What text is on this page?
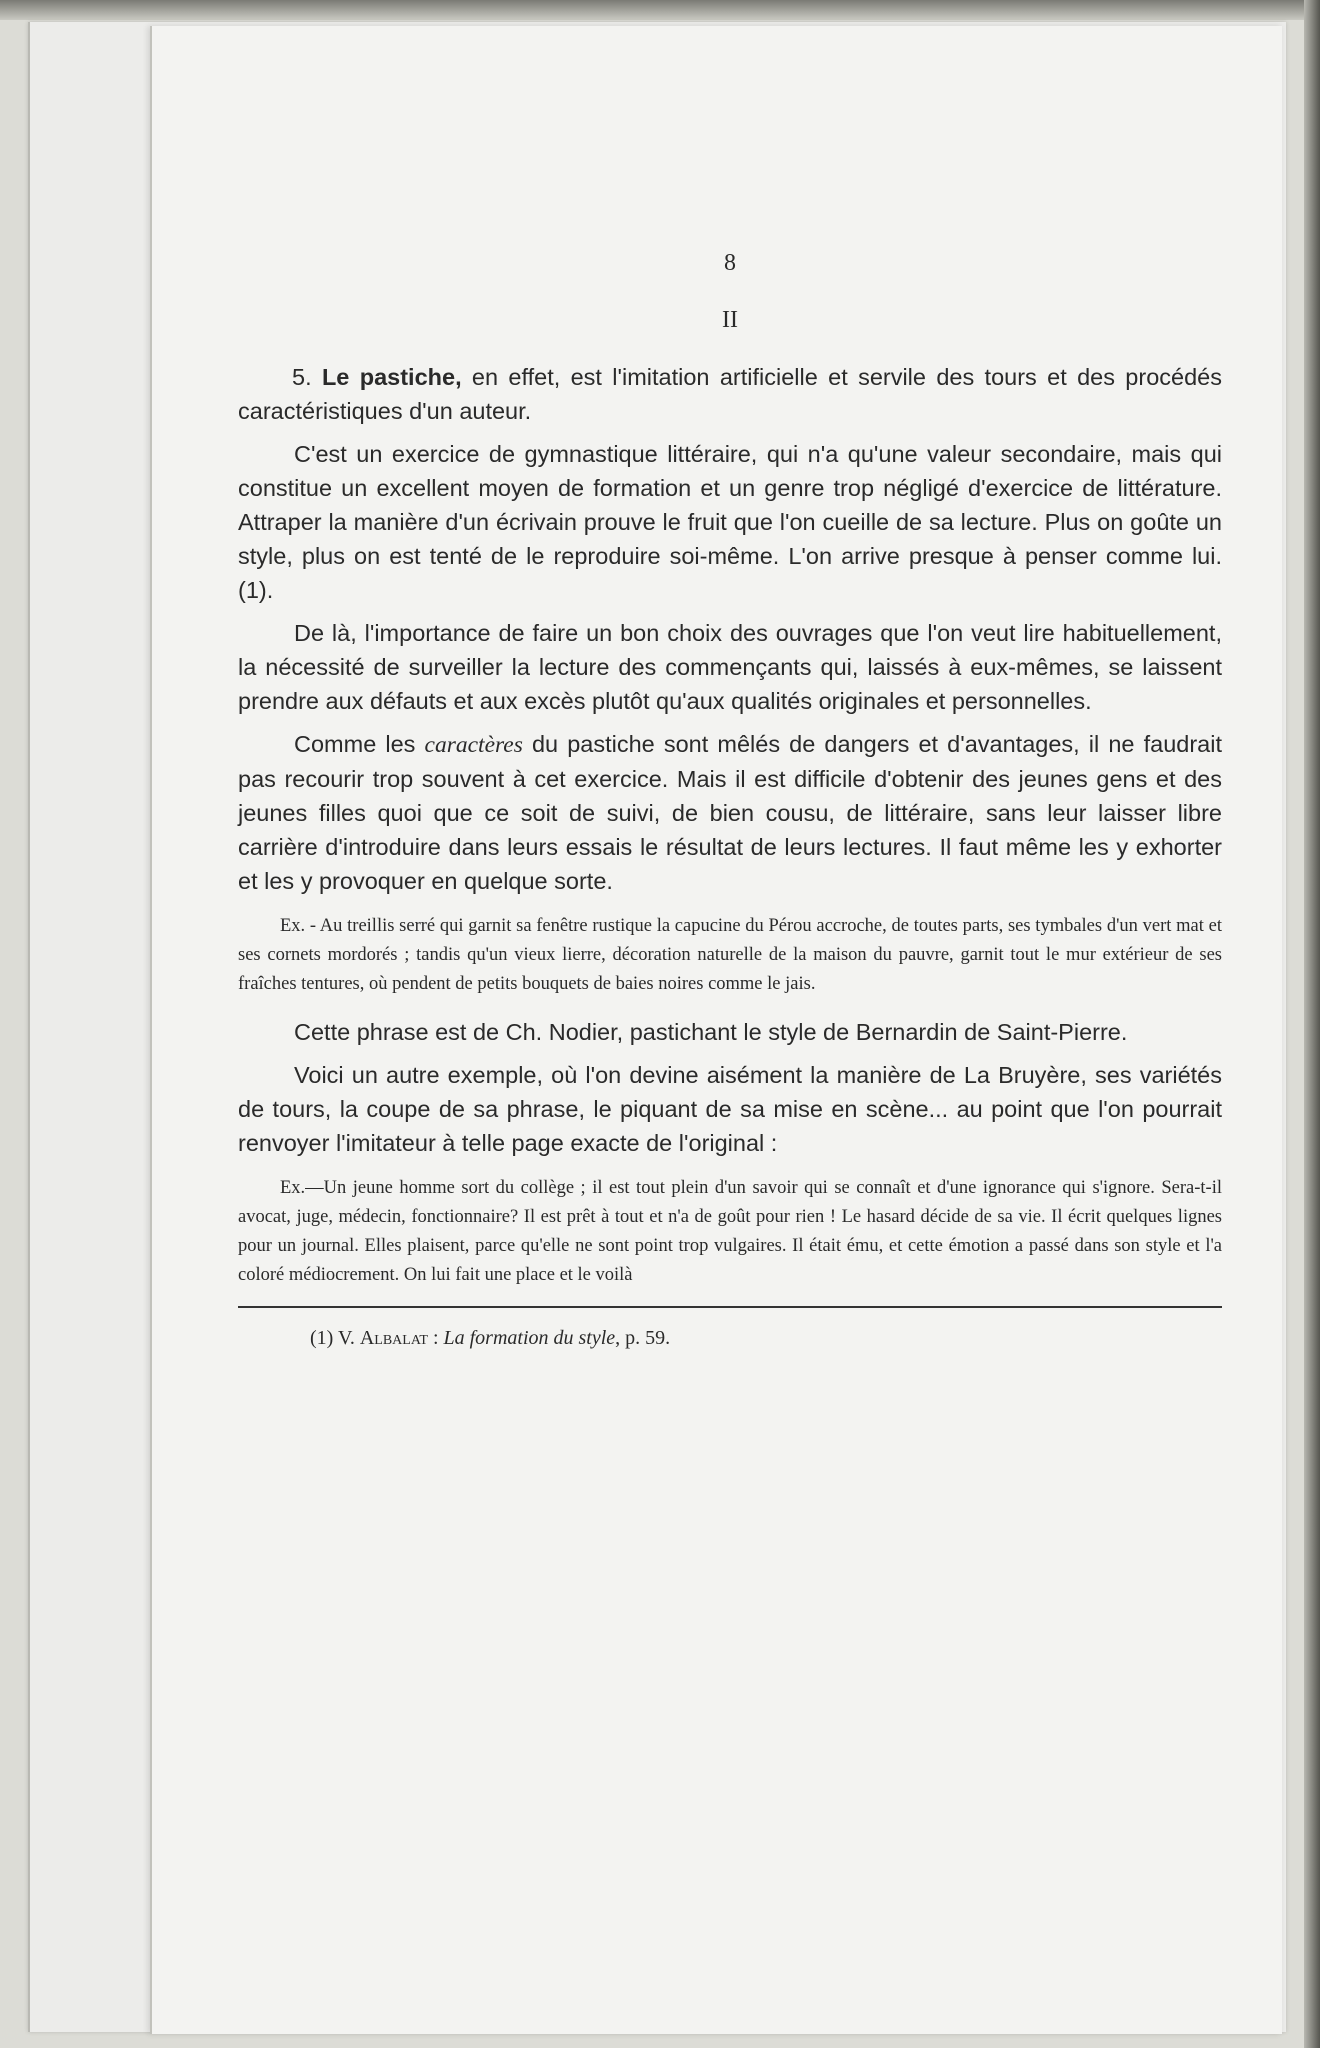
8
II

5. Le pastiche, en effet, est l'imitation artificielle et servile des tours et des procédés caractéristiques d'un auteur.

C'est un exercice de gymnastique littéraire, qui n'a qu'une valeur secondaire, mais qui constitue un excellent moyen de formation et un genre trop négligé d'exercice de littérature. Attraper la manière d'un écrivain prouve le fruit que l'on cueille de sa lecture. Plus on goûte un style, plus on est tenté de le reproduire soi-même. L'on arrive presque à penser comme lui. (1).

De là, l'importance de faire un bon choix des ouvrages que l'on veut lire habituellement, la nécessité de surveiller la lecture des commençants qui, laissés à eux-mêmes, se laissent prendre aux défauts et aux excès plutôt qu'aux qualités originales et personnelles.

Comme les caractères du pastiche sont mêlés de dangers et d'avantages, il ne faudrait pas recourir trop souvent à cet exercice. Mais il est difficile d'obtenir des jeunes gens et des jeunes filles quoi que ce soit de suivi, de bien cousu, de littéraire, sans leur laisser libre carrière d'introduire dans leurs essais le résultat de leurs lectures. Il faut même les y exhorter et les y provoquer en quelque sorte.

Ex. - Au treillis serré qui garnit sa fenêtre rustique la capucine du Pérou accroche, de toutes parts, ses tymbales d'un vert mat et ses cornets mordorés ; tandis qu'un vieux lierre, décoration naturelle de la maison du pauvre, garnit tout le mur extérieur de ses fraîches tentures, où pendent de petits bouquets de baies noires comme le jais.

Cette phrase est de Ch. Nodier, pastichant le style de Bernardin de Saint-Pierre.

Voici un autre exemple, où l'on devine aisément la manière de La Bruyère, ses variétés de tours, la coupe de sa phrase, le piquant de sa mise en scène... au point que l'on pourrait renvoyer l'imitateur à telle page exacte de l'original :

Ex.—Un jeune homme sort du collège ; il est tout plein d'un savoir qui se connaît et d'une ignorance qui s'ignore. Sera-t-il avocat, juge, médecin, fonctionnaire? Il est prêt à tout et n'a de goût pour rien ! Le hasard décide de sa vie. Il écrit quelques lignes pour un journal. Elles plaisent, parce qu'elle ne sont point trop vulgaires. Il était ému, et cette émotion a passé dans son style et l'a coloré médiocrement. On lui fait une place et le voilà

(1) V. Albalat : La formation du style, p. 59.
